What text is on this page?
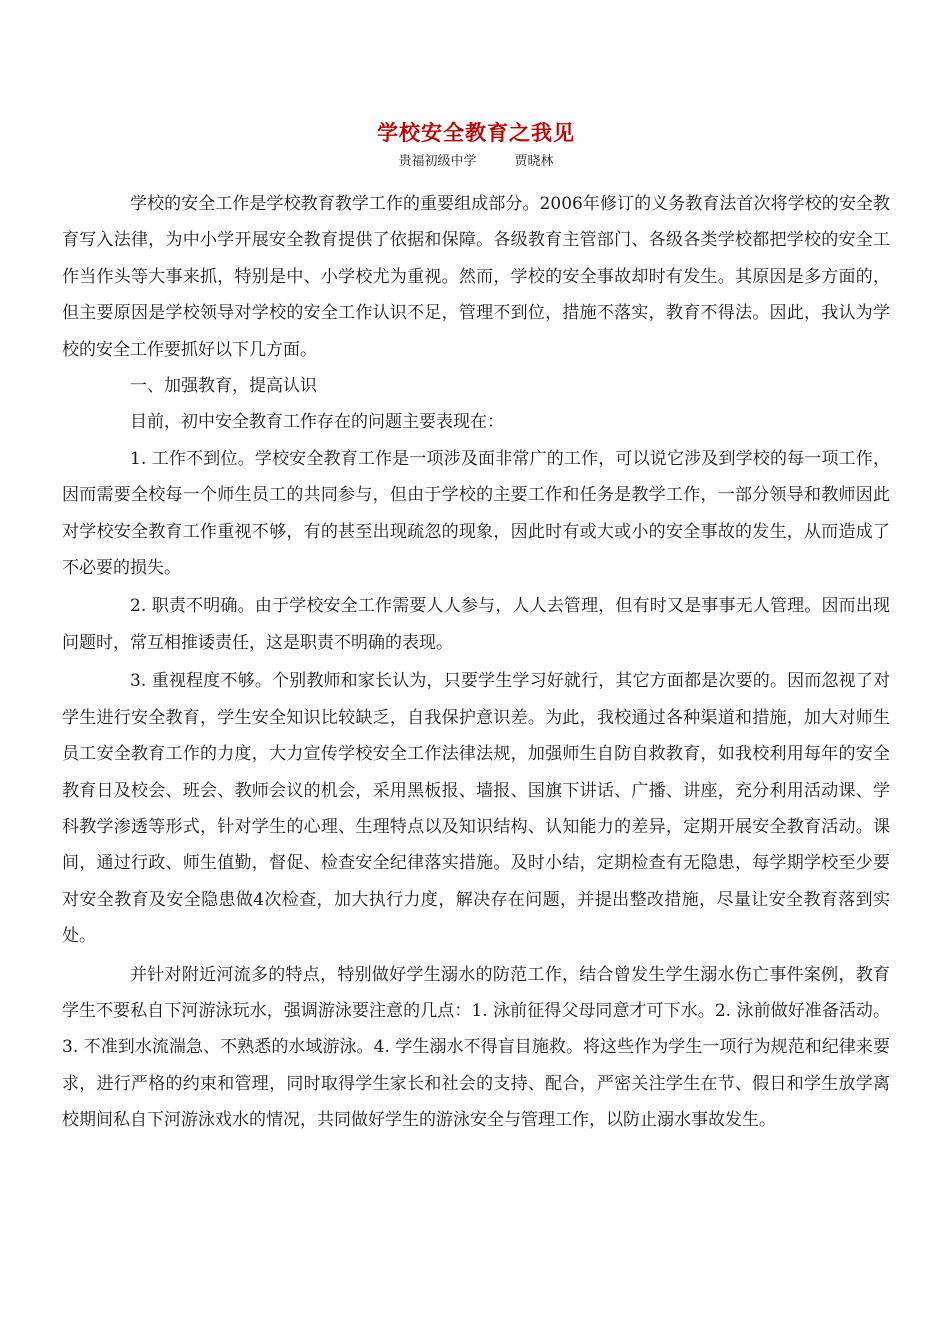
学校安全教育之我见
贵福初级中学	贾晓林

学校的安全工作是学校教育教学工作的重要组成部分。2006年修订的义务教育法首次将学校的安全教育写入法律，为中小学开展安全教育提供了依据和保障。各级教育主管部门、各级各类学校都把学校的安全工作当作头等大事来抓，特别是中、小学校尤为重视。然而，学校的安全事故却时有发生。其原因是多方面的，但主要原因是学校领导对学校的安全工作认识不足，管理不到位，措施不落实，教育不得法。因此，我认为学校的安全工作要抓好以下几方面。

一、加强教育，提高认识

目前，初中安全教育工作存在的问题主要表现在：

1. 工作不到位。学校安全教育工作是一项涉及面非常广的工作，可以说它涉及到学校的每一项工作，因而需要全校每一个师生员工的共同参与，但由于学校的主要工作和任务是教学工作，一部分领导和教师因此对学校安全教育工作重视不够，有的甚至出现疏忽的现象，因此时有或大或小的安全事故的发生，从而造成了不必要的损失。

2. 职责不明确。由于学校安全工作需要人人参与，人人去管理，但有时又是事事无人管理。因而出现问题时，常互相推诿责任，这是职责不明确的表现。

3. 重视程度不够。个别教师和家长认为，只要学生学习好就行，其它方面都是次要的。因而忽视了对学生进行安全教育，学生安全知识比较缺乏，自我保护意识差。为此，我校通过各种渠道和措施，加大对师生员工安全教育工作的力度，大力宣传学校安全工作法律法规，加强师生自防自救教育，如我校利用每年的安全教育日及校会、班会、教师会议的机会，采用黑板报、墙报、国旗下讲话、广播、讲座，充分利用活动课、学科教学渗透等形式，针对学生的心理、生理特点以及知识结构、认知能力的差异，定期开展安全教育活动。课间，通过行政、师生值勤，督促、检查安全纪律落实措施。及时小结，定期检查有无隐患，每学期学校至少要对安全教育及安全隐患做4次检查，加大执行力度，解决存在问题，并提出整改措施，尽量让安全教育落到实处。

并针对附近河流多的特点，特别做好学生溺水的防范工作，结合曾发生学生溺水伤亡事件案例，教育学生不要私自下河游泳玩水，强调游泳要注意的几点：1. 泳前征得父母同意才可下水。2. 泳前做好准备活动。3. 不准到水流湍急、不熟悉的水域游泳。4. 学生溺水不得盲目施救。将这些作为学生一项行为规范和纪律来要求，进行严格的约束和管理，同时取得学生家长和社会的支持、配合，严密关注学生在节、假日和学生放学离校期间私自下河游泳戏水的情况，共同做好学生的游泳安全与管理工作，以防止溺水事故发生。
